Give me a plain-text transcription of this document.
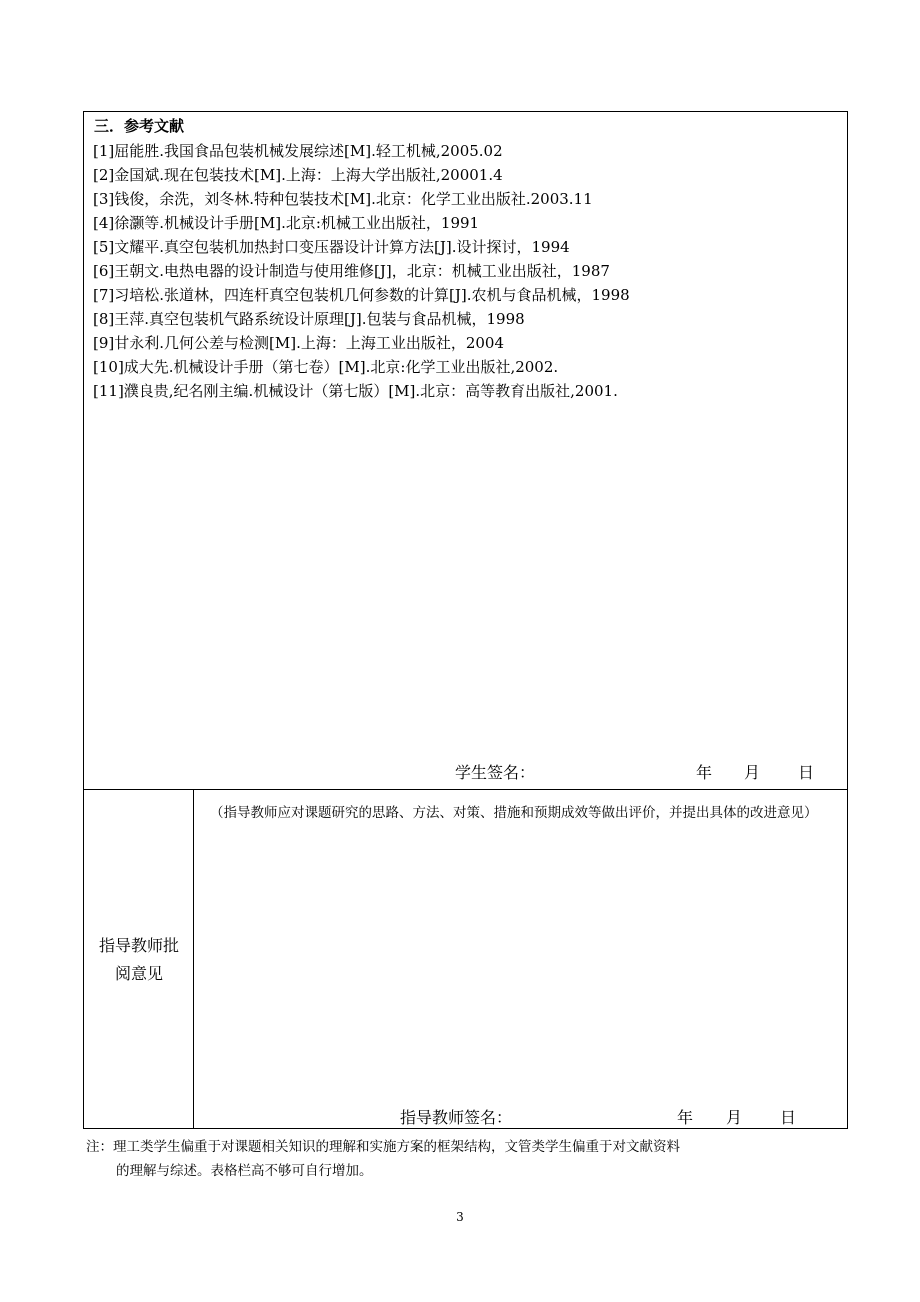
三．参考文献
[1]屈能胜.我国食品包装机械发展综述[M].轻工机械,2005.02
[2]金国斌.现在包装技术[M].上海：上海大学出版社,20001.4
[3]钱俊，余洗，刘冬林.特种包装技术[M].北京：化学工业出版社.2003.11
[4]徐灏等.机械设计手册[M].北京:机械工业出版社，1991
[5]文耀平.真空包装机加热封口变压器设计计算方法[J].设计探讨，1994
[6]王朝文.电热电器的设计制造与使用维修[J]，北京：机械工业出版社，1987
[7]习培松.张道林，四连杆真空包装机几何参数的计算[J].农机与食品机械，1998
[8]王萍.真空包装机气路系统设计原理[J].包装与食品机械，1998
[9]甘永利.几何公差与检测[M].上海：上海工业出版社，2004
[10]成大先.机械设计手册（第七卷）[M].北京:化学工业出版社,2002.
[11]濮良贵,纪名刚主编.机械设计（第七版）[M].北京：高等教育出版社,2001.
学生签名：	年 月 日
指导教师批
阅意见
（指导教师应对课题研究的思路、方法、对策、措施和预期成效等做出评价，并提出具体的改进意见）
指导教师签名：	年 月 日
注：理工类学生偏重于对课题相关知识的理解和实施方案的框架结构，文管类学生偏重于对文献资料
的理解与综述。表格栏高不够可自行增加。
3
